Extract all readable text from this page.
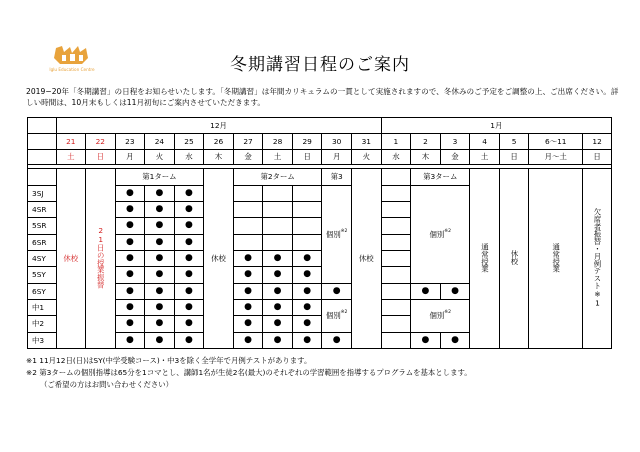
Iglu Education Centre	冬期講習日程のご案内
2019−20年「冬期講習」の日程をお知らせいたします。「冬期講習」は年間カリキュラムの一貫として実施されますので、冬休みのご予定をご調整の上、ご出席ください。詳しい時間は、10月末もしくは11月初旬にご案内させていただきます。
	12月											1月						
	21	22	23	24	25	26	27	28	29	30	31	1	2	3	4	5	6〜11	12
	土	日	月	火	水	木	金	土	日	月	火	水	木	金	土	日	月〜土	日

	休校	21日の授業振替	第1ターム			休校	第2ターム			第3	休校		第3ターム		通常授業	休校	通常授業	欠席者振替・月例テスト※1
3SJ			●	●	●					個別$^{※2}$			個別$^{※2}$
4SR			●	●	●													
5SR			●	●	●													
6SR			●	●	●													
4SY			●	●	●		●	●	●									
5SY			●	●	●		●	●	●									
6SY			●	●	●		●	●	●	●			●	●				
中1			●	●	●		●	●	●	個別$^{※2}$			個別$^{※2}$
中2			●	●	●		●	●	●									
中3			●	●	●		●	●	●	●			●	●				
※1 11月12日(日)はSY(中学受験コース)・中3を除く全学年で月例テストがあります。
※2 第3タームの個別指導は65分を1コマとし、講師1名が生徒2名(最大)のそれぞれの学習範囲を指導するプログラムを基本とします。
（ご希望の方はお問い合わせください）
